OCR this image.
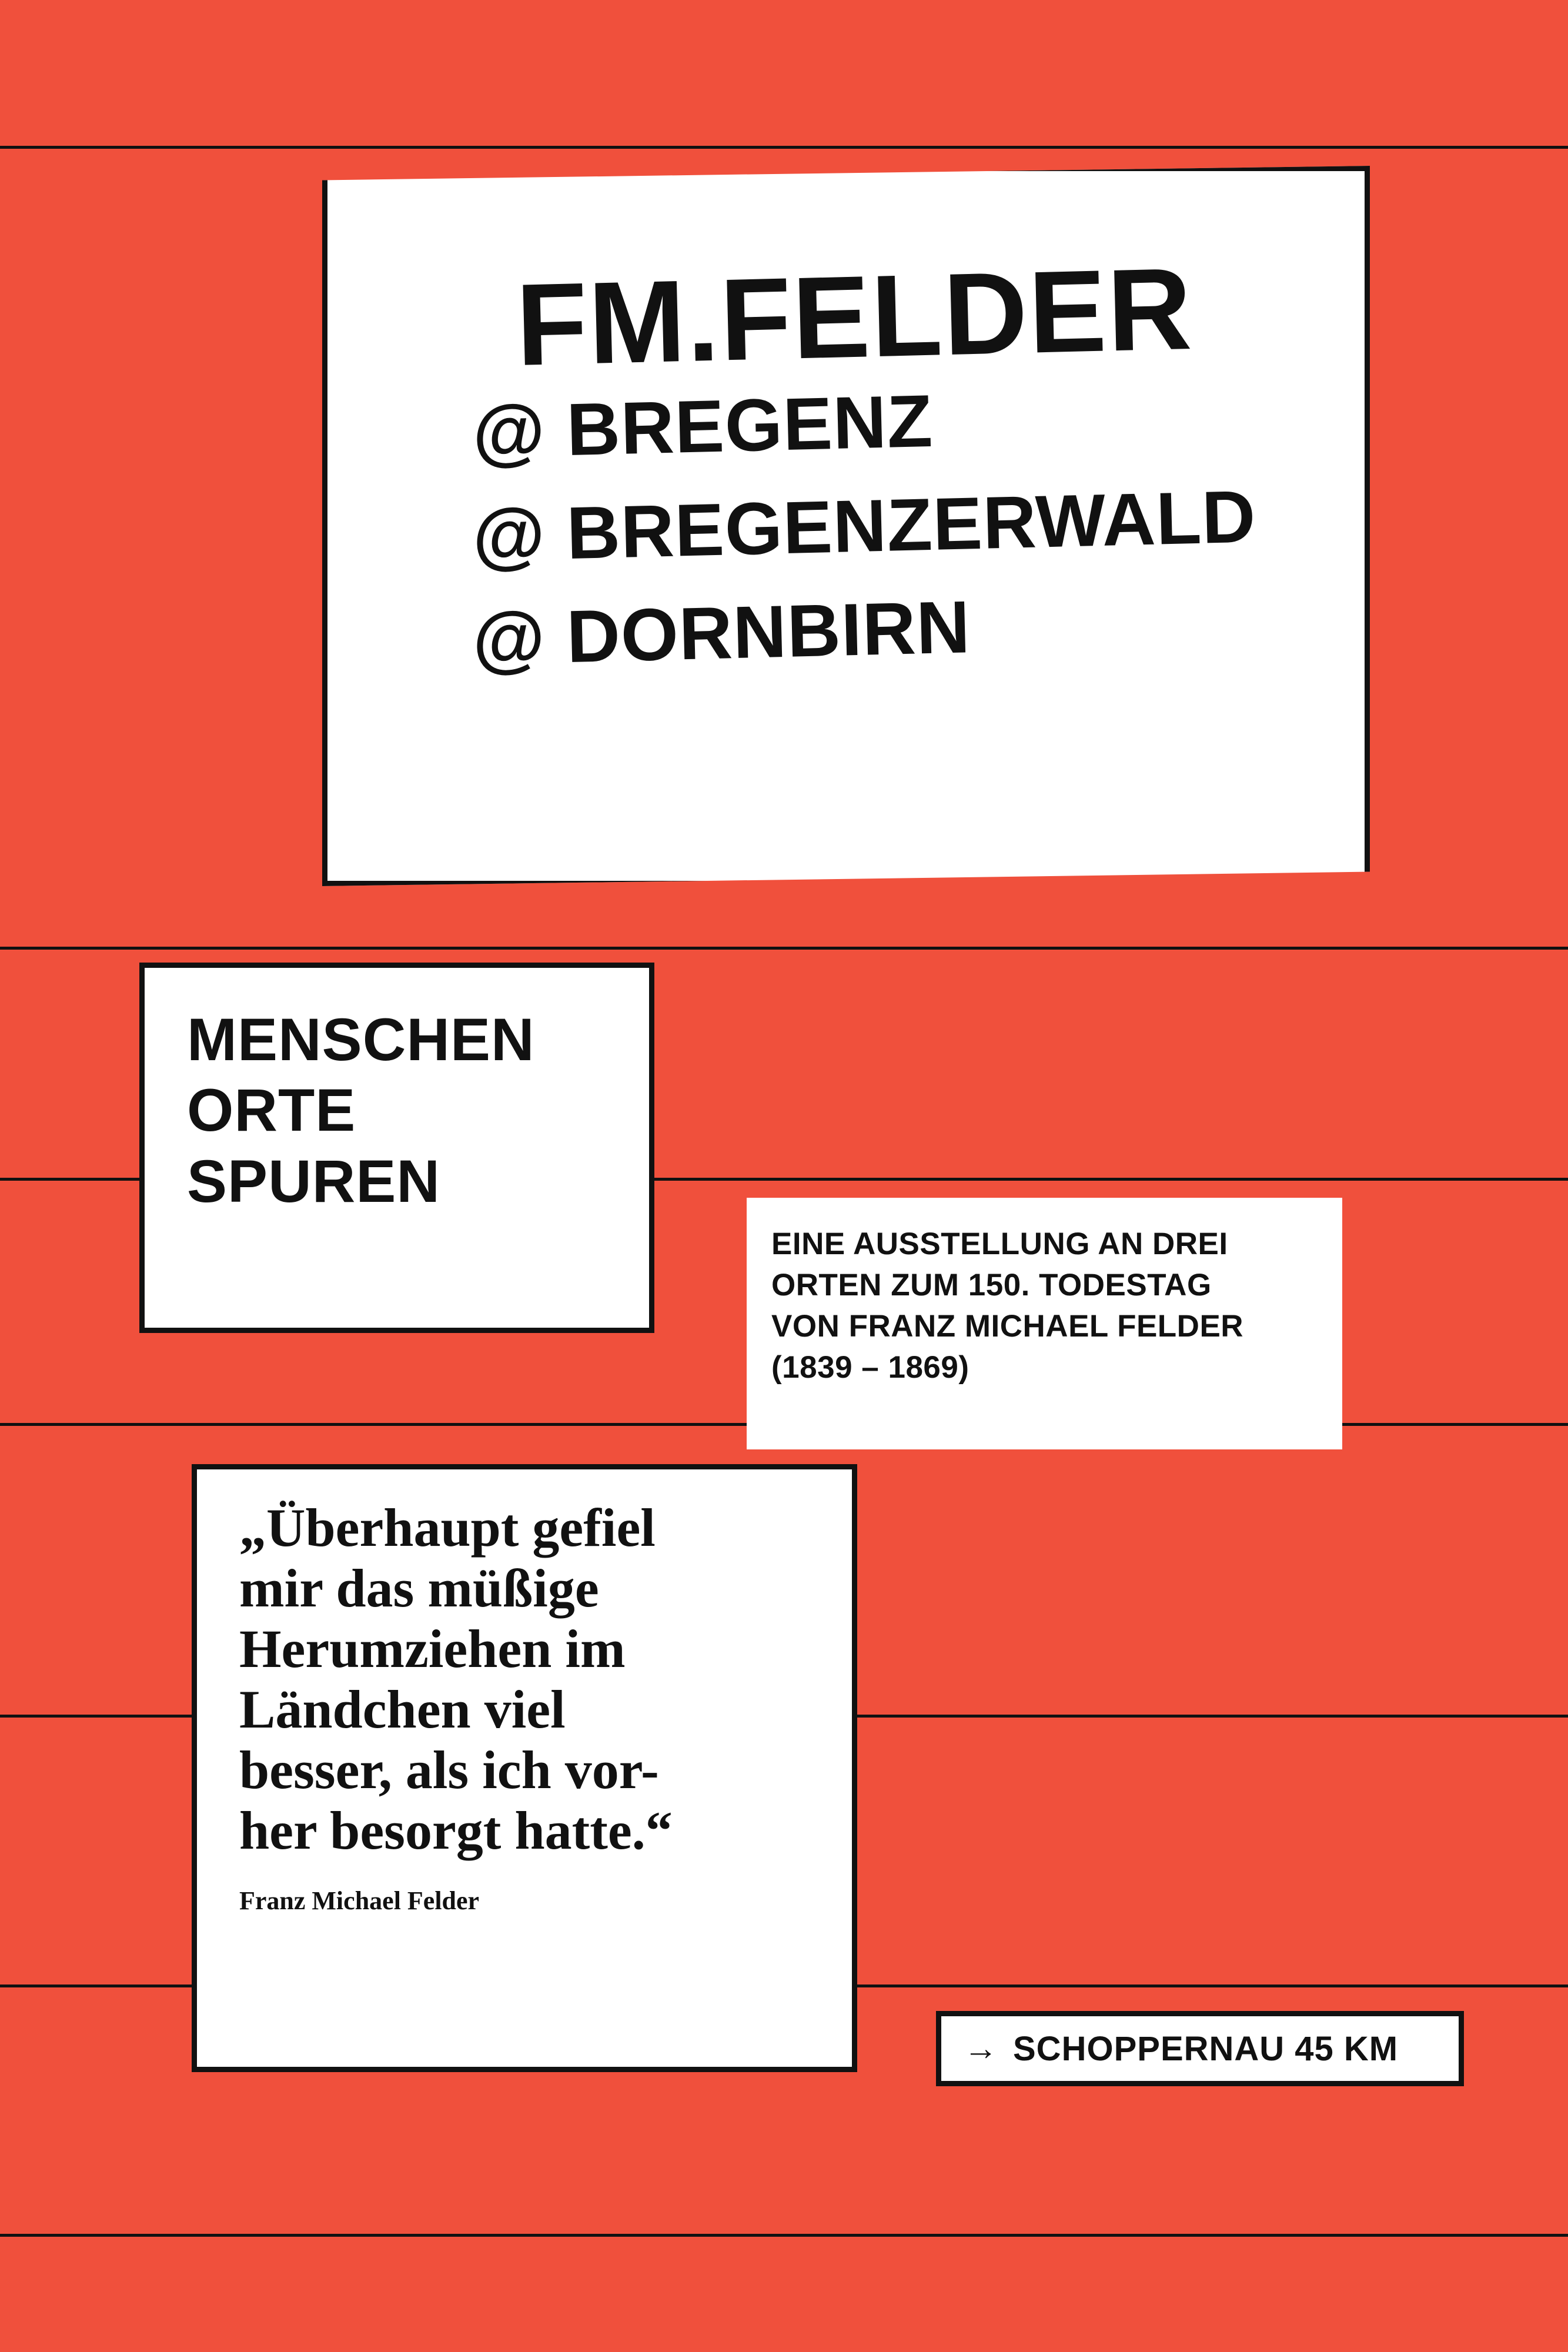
FM.FELDER
@ BREGENZ
@ BREGENZERWALD
@ DORNBIRN
MENSCHEN
ORTE
SPUREN
EINE AUSSTELLUNG AN DREI
ORTEN ZUM 150. TODESTAG
VON FRANZ MICHAEL FELDER
(1839 – 1869)
„Überhaupt gefiel
mir das müßige
Herumziehen im
Ländchen viel
besser, als ich vor-
her besorgt hatte.“
Franz Michael Felder
→ SCHOPPERNAU 45 KM
